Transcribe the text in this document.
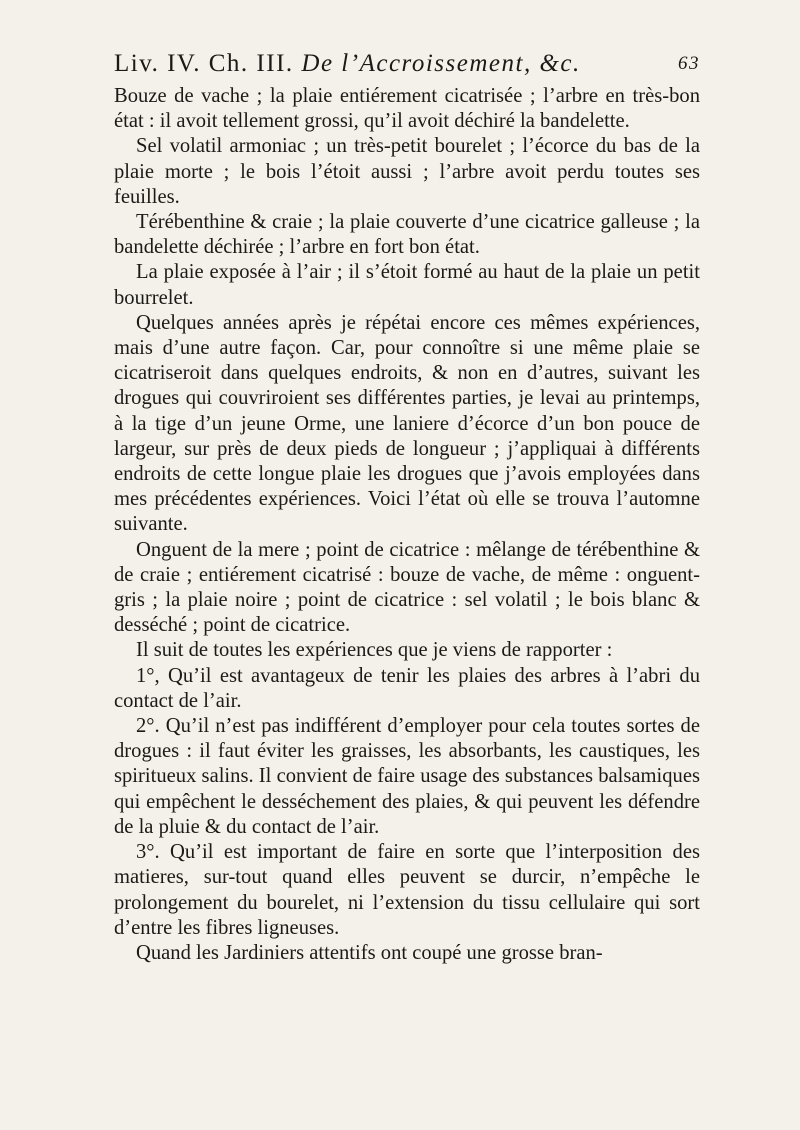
Liv. IV. Ch. III. De l’Accroissement, &c.	63

Bouze de vache ; la plaie entiérement cicatrisée ; l’arbre en très-bon état : il avoit tellement grossi, qu’il avoit déchiré la bandelette.

Sel volatil armoniac ; un très-petit bourelet ; l’écorce du bas de la plaie morte ; le bois l’étoit aussi ; l’arbre avoit perdu toutes ses feuilles.

Térébenthine & craie ; la plaie couverte d’une cicatrice galleuse ; la bandelette déchirée ; l’arbre en fort bon état.

La plaie exposée à l’air ; il s’étoit formé au haut de la plaie un petit bourrelet.

Quelques années après je répétai encore ces mêmes expériences, mais d’une autre façon. Car, pour connoître si une même plaie se cicatriseroit dans quelques endroits, & non en d’autres, suivant les drogues qui couvriroient ses différentes parties, je levai au printemps, à la tige d’un jeune Orme, une laniere d’écorce d’un bon pouce de largeur, sur près de deux pieds de longueur ; j’appliquai à différents endroits de cette longue plaie les drogues que j’avois employées dans mes précédentes expériences. Voici l’état où elle se trouva l’automne suivante.

Onguent de la mere ; point de cicatrice : mêlange de térébenthine & de craie ; entiérement cicatrisé : bouze de vache, de même : onguent-gris ; la plaie noire ; point de cicatrice : sel volatil ; le bois blanc & desséché ; point de cicatrice.

Il suit de toutes les expériences que je viens de rapporter :

1°, Qu’il est avantageux de tenir les plaies des arbres à l’abri du contact de l’air.

2°. Qu’il n’est pas indifférent d’employer pour cela toutes sortes de drogues : il faut éviter les graisses, les absorbants, les caustiques, les spiritueux salins. Il convient de faire usage des substances balsamiques qui empêchent le desséchement des plaies, & qui peuvent les défendre de la pluie & du contact de l’air.

3°. Qu’il est important de faire en sorte que l’interposition des matieres, sur-tout quand elles peuvent se durcir, n’empêche le prolongement du bourelet, ni l’extension du tissu cellulaire qui sort d’entre les fibres ligneuses.

Quand les Jardiniers attentifs ont coupé une grosse bran-
